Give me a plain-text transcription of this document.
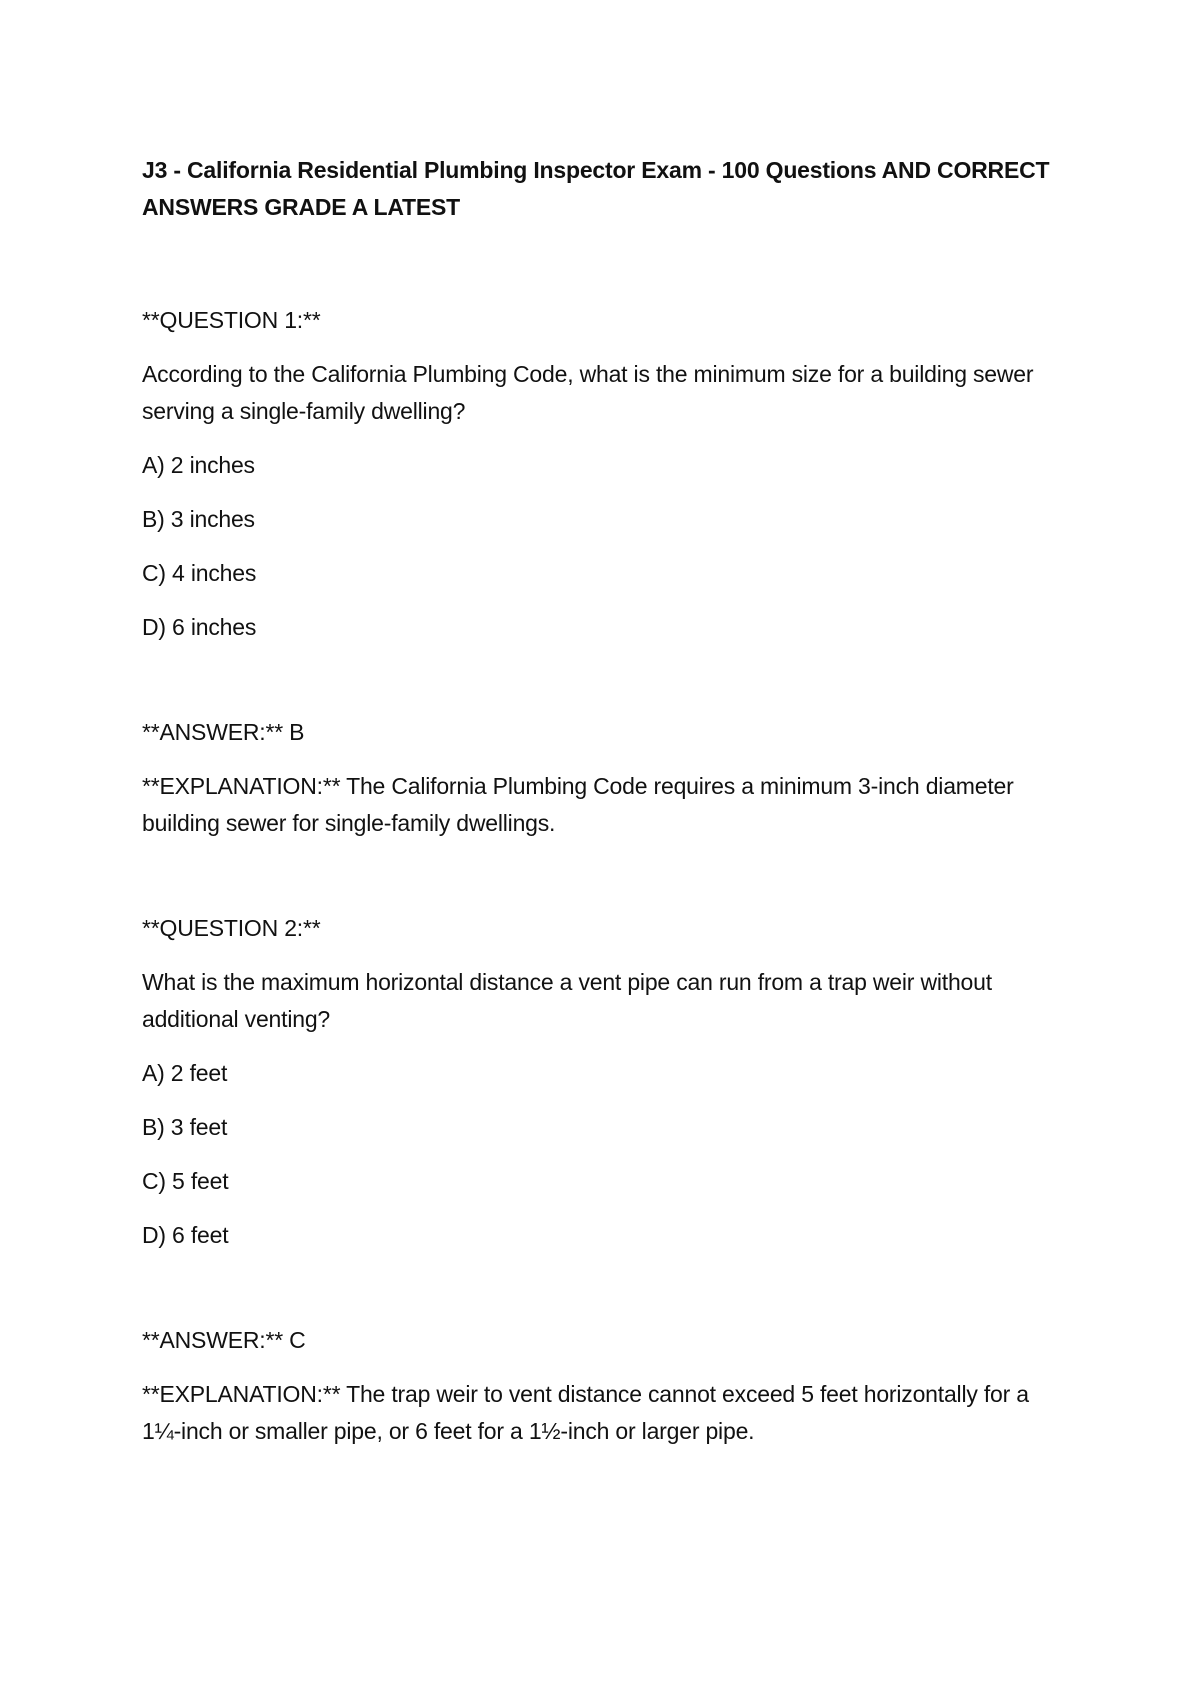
J3 - California Residential Plumbing Inspector Exam - 100 Questions AND CORRECT ANSWERS GRADE A LATEST

**QUESTION 1:**

According to the California Plumbing Code, what is the minimum size for a building sewer serving a single-family dwelling?

A) 2 inches

B) 3 inches

C) 4 inches

D) 6 inches

**ANSWER:** B

**EXPLANATION:** The California Plumbing Code requires a minimum 3-inch diameter building sewer for single-family dwellings.

**QUESTION 2:**

What is the maximum horizontal distance a vent pipe can run from a trap weir without additional venting?

A) 2 feet

B) 3 feet

C) 5 feet

D) 6 feet

**ANSWER:** C

**EXPLANATION:** The trap weir to vent distance cannot exceed 5 feet horizontally for a 1¼-inch or smaller pipe, or 6 feet for a 1½-inch or larger pipe.
